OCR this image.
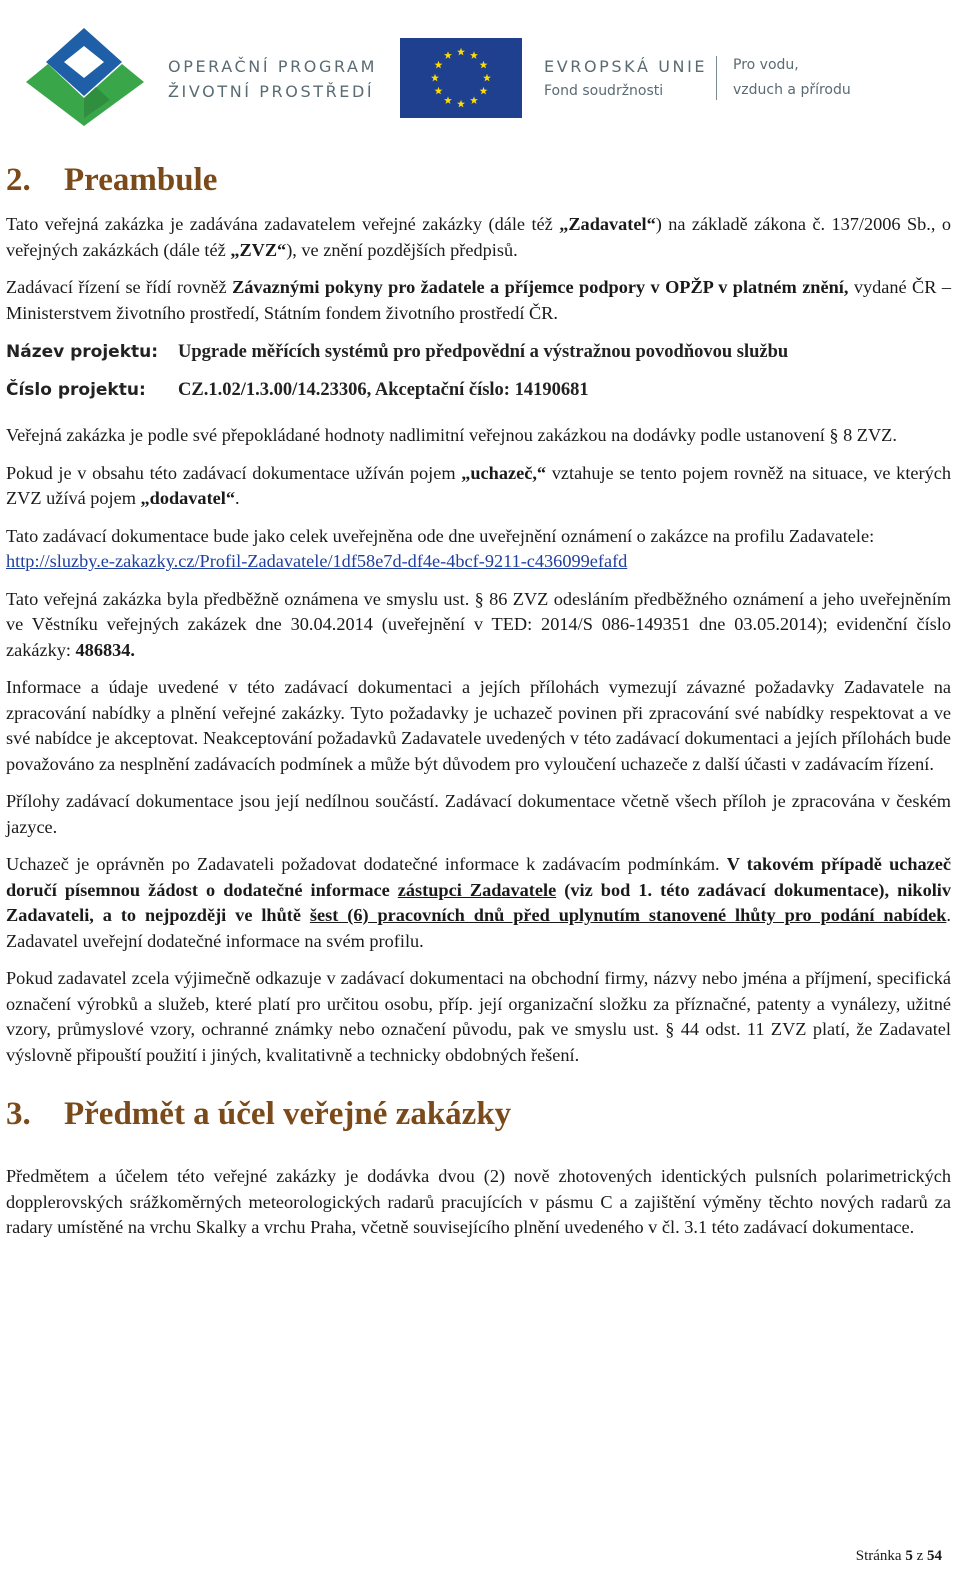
OPERAČNÍ PROGRAM
ŽIVOTNÍ PROSTŘEDÍ
EVROPSKÁ UNIE
Fond soudržnosti
Pro vodu,
vzduch a přírodu
2. Preambule

Tato veřejná zakázka je zadávána zadavatelem veřejné zakázky (dále též „Zadavatel“) na základě zákona č. 137/2006 Sb., o veřejných zakázkách (dále též „ZVZ“), ve znění pozdějších předpisů.

Zadávací řízení se řídí rovněž Závaznými pokyny pro žadatele a příjemce podpory v OPŽP v platném znění, vydané ČR – Ministerstvem životního prostředí, Státním fondem životního prostředí ČR.

Název projektu: Upgrade měřících systémů pro předpovědní a výstražnou povodňovou službu
Číslo projektu: CZ.1.02/1.3.00/14.23306, Akceptační číslo: 14190681

Veřejná zakázka je podle své přepokládané hodnoty nadlimitní veřejnou zakázkou na dodávky podle ustanovení § 8 ZVZ.

Pokud je v obsahu této zadávací dokumentace užíván pojem „uchazeč,“ vztahuje se tento pojem rovněž na situace, ve kterých ZVZ užívá pojem „dodavatel“.

Tato zadávací dokumentace bude jako celek uveřejněna ode dne uveřejnění oznámení o zakázce na profilu Zadavatele: http://sluzby.e-zakazky.cz/Profil-Zadavatele/1df58e7d-df4e-4bcf-9211-c436099efafd

Tato veřejná zakázka byla předběžně oznámena ve smyslu ust. § 86 ZVZ odesláním předběžného oznámení a jeho uveřejněním ve Věstníku veřejných zakázek dne 30.04.2014 (uveřejnění v TED: 2014/S 086-149351 dne 03.05.2014); evidenční číslo zakázky: 486834.

Informace a údaje uvedené v této zadávací dokumentaci a jejích přílohách vymezují závazné požadavky Zadavatele na zpracování nabídky a plnění veřejné zakázky. Tyto požadavky je uchazeč povinen při zpracování své nabídky respektovat a ve své nabídce je akceptovat. Neakceptování požadavků Zadavatele uvedených v této zadávací dokumentaci a jejích přílohách bude považováno za nesplnění zadávacích podmínek a může být důvodem pro vyloučení uchazeče z další účasti v zadávacím řízení.

Přílohy zadávací dokumentace jsou její nedílnou součástí. Zadávací dokumentace včetně všech příloh je zpracována v českém jazyce.

Uchazeč je oprávněn po Zadavateli požadovat dodatečné informace k zadávacím podmínkám. V takovém případě uchazeč doručí písemnou žádost o dodatečné informace zástupci Zadavatele (viz bod 1. této zadávací dokumentace), nikoliv Zadavateli, a to nejpozději ve lhůtě šest (6) pracovních dnů před uplynutím stanovené lhůty pro podání nabídek. Zadavatel uveřejní dodatečné informace na svém profilu.

Pokud zadavatel zcela výjimečně odkazuje v zadávací dokumentaci na obchodní firmy, názvy nebo jména a příjmení, specifická označení výrobků a služeb, které platí pro určitou osobu, příp. její organizační složku za příznačné, patenty a vynálezy, užitné vzory, průmyslové vzory, ochranné známky nebo označení původu, pak ve smyslu ust. § 44 odst. 11 ZVZ platí, že Zadavatel výslovně připouští použití i jiných, kvalitativně a technicky obdobných řešení.

3. Předmět a účel veřejné zakázky

Předmětem a účelem této veřejné zakázky je dodávka dvou (2) nově zhotovených identických pulsních polarimetrických dopplerovských srážkoměrných meteorologických radarů pracujících v pásmu C a zajištění výměny těchto nových radarů za radary umístěné na vrchu Skalky a vrchu Praha, včetně souvisejícího plnění uvedeného v čl. 3.1 této zadávací dokumentace.

Stránka 5 z 54
